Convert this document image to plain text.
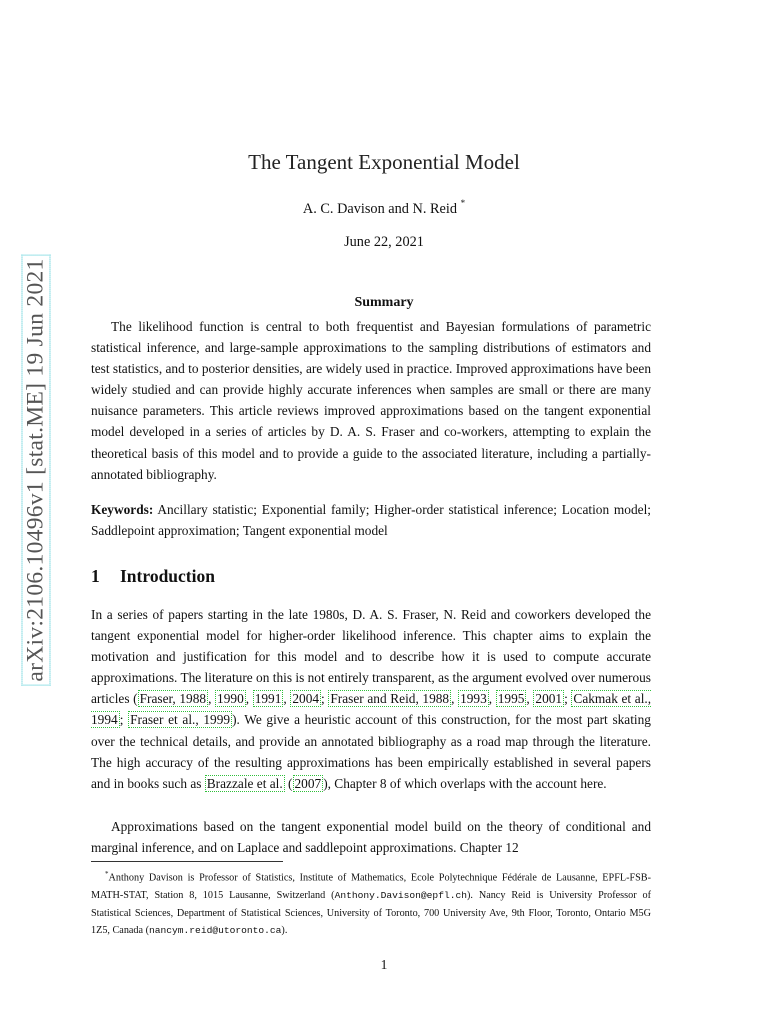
arXiv:2106.10496v1 [stat.ME] 19 Jun 2021
The Tangent Exponential Model
A. C. Davison and N. Reid *
June 22, 2021
Summary

The likelihood function is central to both frequentist and Bayesian formulations of parametric statistical inference, and large-sample approximations to the sampling distributions of estimators and test statistics, and to posterior densities, are widely used in practice. Improved approximations have been widely studied and can provide highly accurate inferences when samples are small or there are many nuisance parameters. This article reviews improved approximations based on the tangent exponential model developed in a series of articles by D. A. S. Fraser and co-workers, attempting to explain the theoretical basis of this model and to provide a guide to the associated literature, including a partially-annotated bibliography.

Keywords: Ancillary statistic; Exponential family; Higher-order statistical inference; Location model; Saddlepoint approximation; Tangent exponential model

1 Introduction

In a series of papers starting in the late 1980s, D. A. S. Fraser, N. Reid and coworkers developed the tangent exponential model for higher-order likelihood inference. This chapter aims to explain the motivation and justification for this model and to describe how it is used to compute accurate approximations. The literature on this is not entirely transparent, as the argument evolved over numerous articles ( Fraser, 1988 , 1990 , 1991 , 2004 ; Fraser and Reid, 1988 , 1993 , 1995 , 2001 ; Cakmak et al., 1994 ; Fraser et al., 1999 ). We give a heuristic account of this construction, for the most part skating over the technical details, and provide an annotated bibliography as a road map through the literature. The high accuracy of the resulting approximations has been empirically established in several papers and in books such as Brazzale et al. ( 2007 ), Chapter 8 of which overlaps with the account here.

Approximations based on the tangent exponential model build on the theory of conditional and marginal inference, and on Laplace and saddlepoint approximations. Chapter 12

*Anthony Davison is Professor of Statistics, Institute of Mathematics, Ecole Polytechnique Fédérale de Lausanne, EPFL-FSB-MATH-STAT, Station 8, 1015 Lausanne, Switzerland (Anthony.Davison@epfl.ch). Nancy Reid is University Professor of Statistical Sciences, Department of Statistical Sciences, University of Toronto, 700 University Ave, 9th Floor, Toronto, Ontario M5G 1Z5, Canada (nancym.reid@utoronto.ca).

1
